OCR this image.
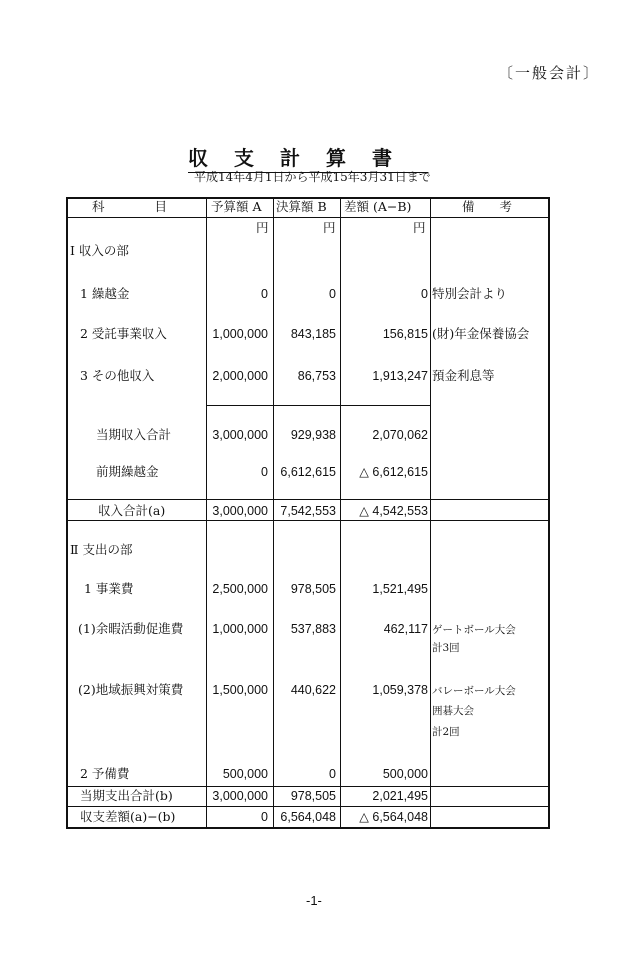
〔一般会計〕
収支計算書
平成14年4月1日から平成15年3月31日まで
科　　　　目	予算額 A 決算額 B 差額 (A−B)	備　　考
円	円	円
Ⅰ 収入の部
1 繰越金	0	0	0 特別会計より
2 受託事業収入	1,000,000 843,185	156,815 (財)年金保養協会
3 その他収入	2,000,000 86,753	1,913,247 預金利息等
当期収入合計	3,000,000 929,938	2,070,062
前期繰越金	0 6,612,615 △ 6,612,615
収入合計(a)	3,000,000 7,542,553 △ 4,542,553
Ⅱ 支出の部
1 事業費	2,500,000 978,505	1,521,495
(1)余暇活動促進費 1,000,000 537,883	462,117 ゲートボール大会
計3回
(2)地域振興対策費 1,500,000 440,622	1,059,378 バレーボール大会
囲碁大会
計2回
2 予備費	500,000	0	500,000
当期支出合計(b)	3,000,000 978,505	2,021,495
収支差額(a)−(b)	0 6,564,048 △ 6,564,048
-1-
